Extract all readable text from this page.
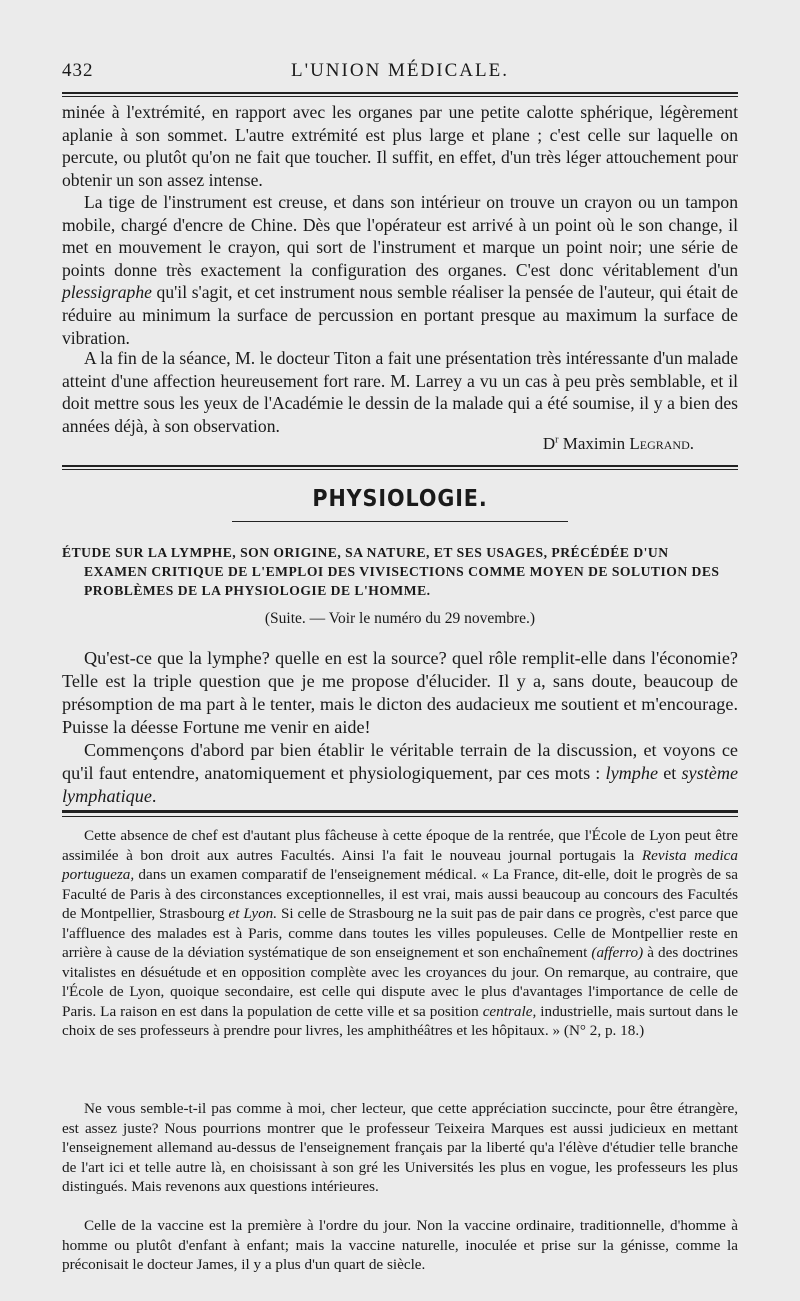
432	L'UNION MÉDICALE.

minée à l'extrémité, en rapport avec les organes par une petite calotte sphérique, légèrement aplanie à son sommet. L'autre extrémité est plus large et plane ; c'est celle sur laquelle on percute, ou plutôt qu'on ne fait que toucher. Il suffit, en effet, d'un très léger attouchement pour obtenir un son assez intense.

La tige de l'instrument est creuse, et dans son intérieur on trouve un crayon ou un tampon mobile, chargé d'encre de Chine. Dès que l'opérateur est arrivé à un point où le son change, il met en mouvement le crayon, qui sort de l'instrument et marque un point noir; une série de points donne très exactement la configuration des organes. C'est donc véritablement d'un plessigraphe qu'il s'agit, et cet instrument nous semble réaliser la pensée de l'auteur, qui était de réduire au minimum la surface de percussion en portant presque au maximum la surface de vibration.

A la fin de la séance, M. le docteur Titon a fait une présentation très intéressante d'un malade atteint d'une affection heureusement fort rare. M. Larrey a vu un cas à peu près semblable, et il doit mettre sous les yeux de l'Académie le dessin de la malade qui a été soumise, il y a bien des années déjà, à son observation.

$D^r$ Maximin Legrand.
PHYSIOLOGIE.
ÉTUDE SUR LA LYMPHE, SON ORIGINE, SA NATURE, ET SES USAGES, PRÉCÉDÉE D'UN
EXAMEN CRITIQUE DE L'EMPLOI DES VIVISECTIONS COMME MOYEN DE SOLUTION DES
PROBLÈMES DE LA PHYSIOLOGIE DE L'HOMME.
(Suite. — Voir le numéro du 29 novembre.)

Qu'est-ce que la lymphe? quelle en est la source? quel rôle remplit-elle dans l'économie? Telle est la triple question que je me propose d'élucider. Il y a, sans doute, beaucoup de présomption de ma part à le tenter, mais le dicton des audacieux me soutient et m'encourage. Puisse la déesse Fortune me venir en aide!

Commençons d'abord par bien établir le véritable terrain de la discussion, et voyons ce qu'il faut entendre, anatomiquement et physiologiquement, par ces mots : lymphe et système lymphatique.

Cette absence de chef est d'autant plus fâcheuse à cette époque de la rentrée, que l'École de Lyon peut être assimilée à bon droit aux autres Facultés. Ainsi l'a fait le nouveau journal portugais la Revista medica portugueza, dans un examen comparatif de l'enseignement médical. « La France, dit-elle, doit le progrès de sa Faculté de Paris à des circonstances exceptionnelles, il est vrai, mais aussi beaucoup au concours des Facultés de Montpellier, Strasbourg et Lyon. Si celle de Strasbourg ne la suit pas de pair dans ce progrès, c'est parce que l'affluence des malades est à Paris, comme dans toutes les villes populeuses. Celle de Montpellier reste en arrière à cause de la déviation systématique de son enseignement et son enchaînement (afferro) à des doctrines vitalistes en désuétude et en opposition complète avec les croyances du jour. On remarque, au contraire, que l'École de Lyon, quoique secondaire, est celle qui dispute avec le plus d'avantages l'importance de celle de Paris. La raison en est dans la population de cette ville et sa position centrale, industrielle, mais surtout dans le choix de ses professeurs à prendre pour livres, les amphithéâtres et les hôpitaux. » (N° 2, p. 18.)

Ne vous semble-t-il pas comme à moi, cher lecteur, que cette appréciation succincte, pour être étrangère, est assez juste? Nous pourrions montrer que le professeur Teixeira Marques est aussi judicieux en mettant l'enseignement allemand au-dessus de l'enseignement français par la liberté qu'a l'élève d'étudier telle branche de l'art ici et telle autre là, en choisissant à son gré les Universités les plus en vogue, les professeurs les plus distingués. Mais revenons aux questions intérieures.

Celle de la vaccine est la première à l'ordre du jour. Non la vaccine ordinaire, traditionnelle, d'homme à homme ou plutôt d'enfant à enfant; mais la vaccine naturelle, inoculée et prise sur la génisse, comme la préconisait le docteur James, il y a plus d'un quart de siècle.
